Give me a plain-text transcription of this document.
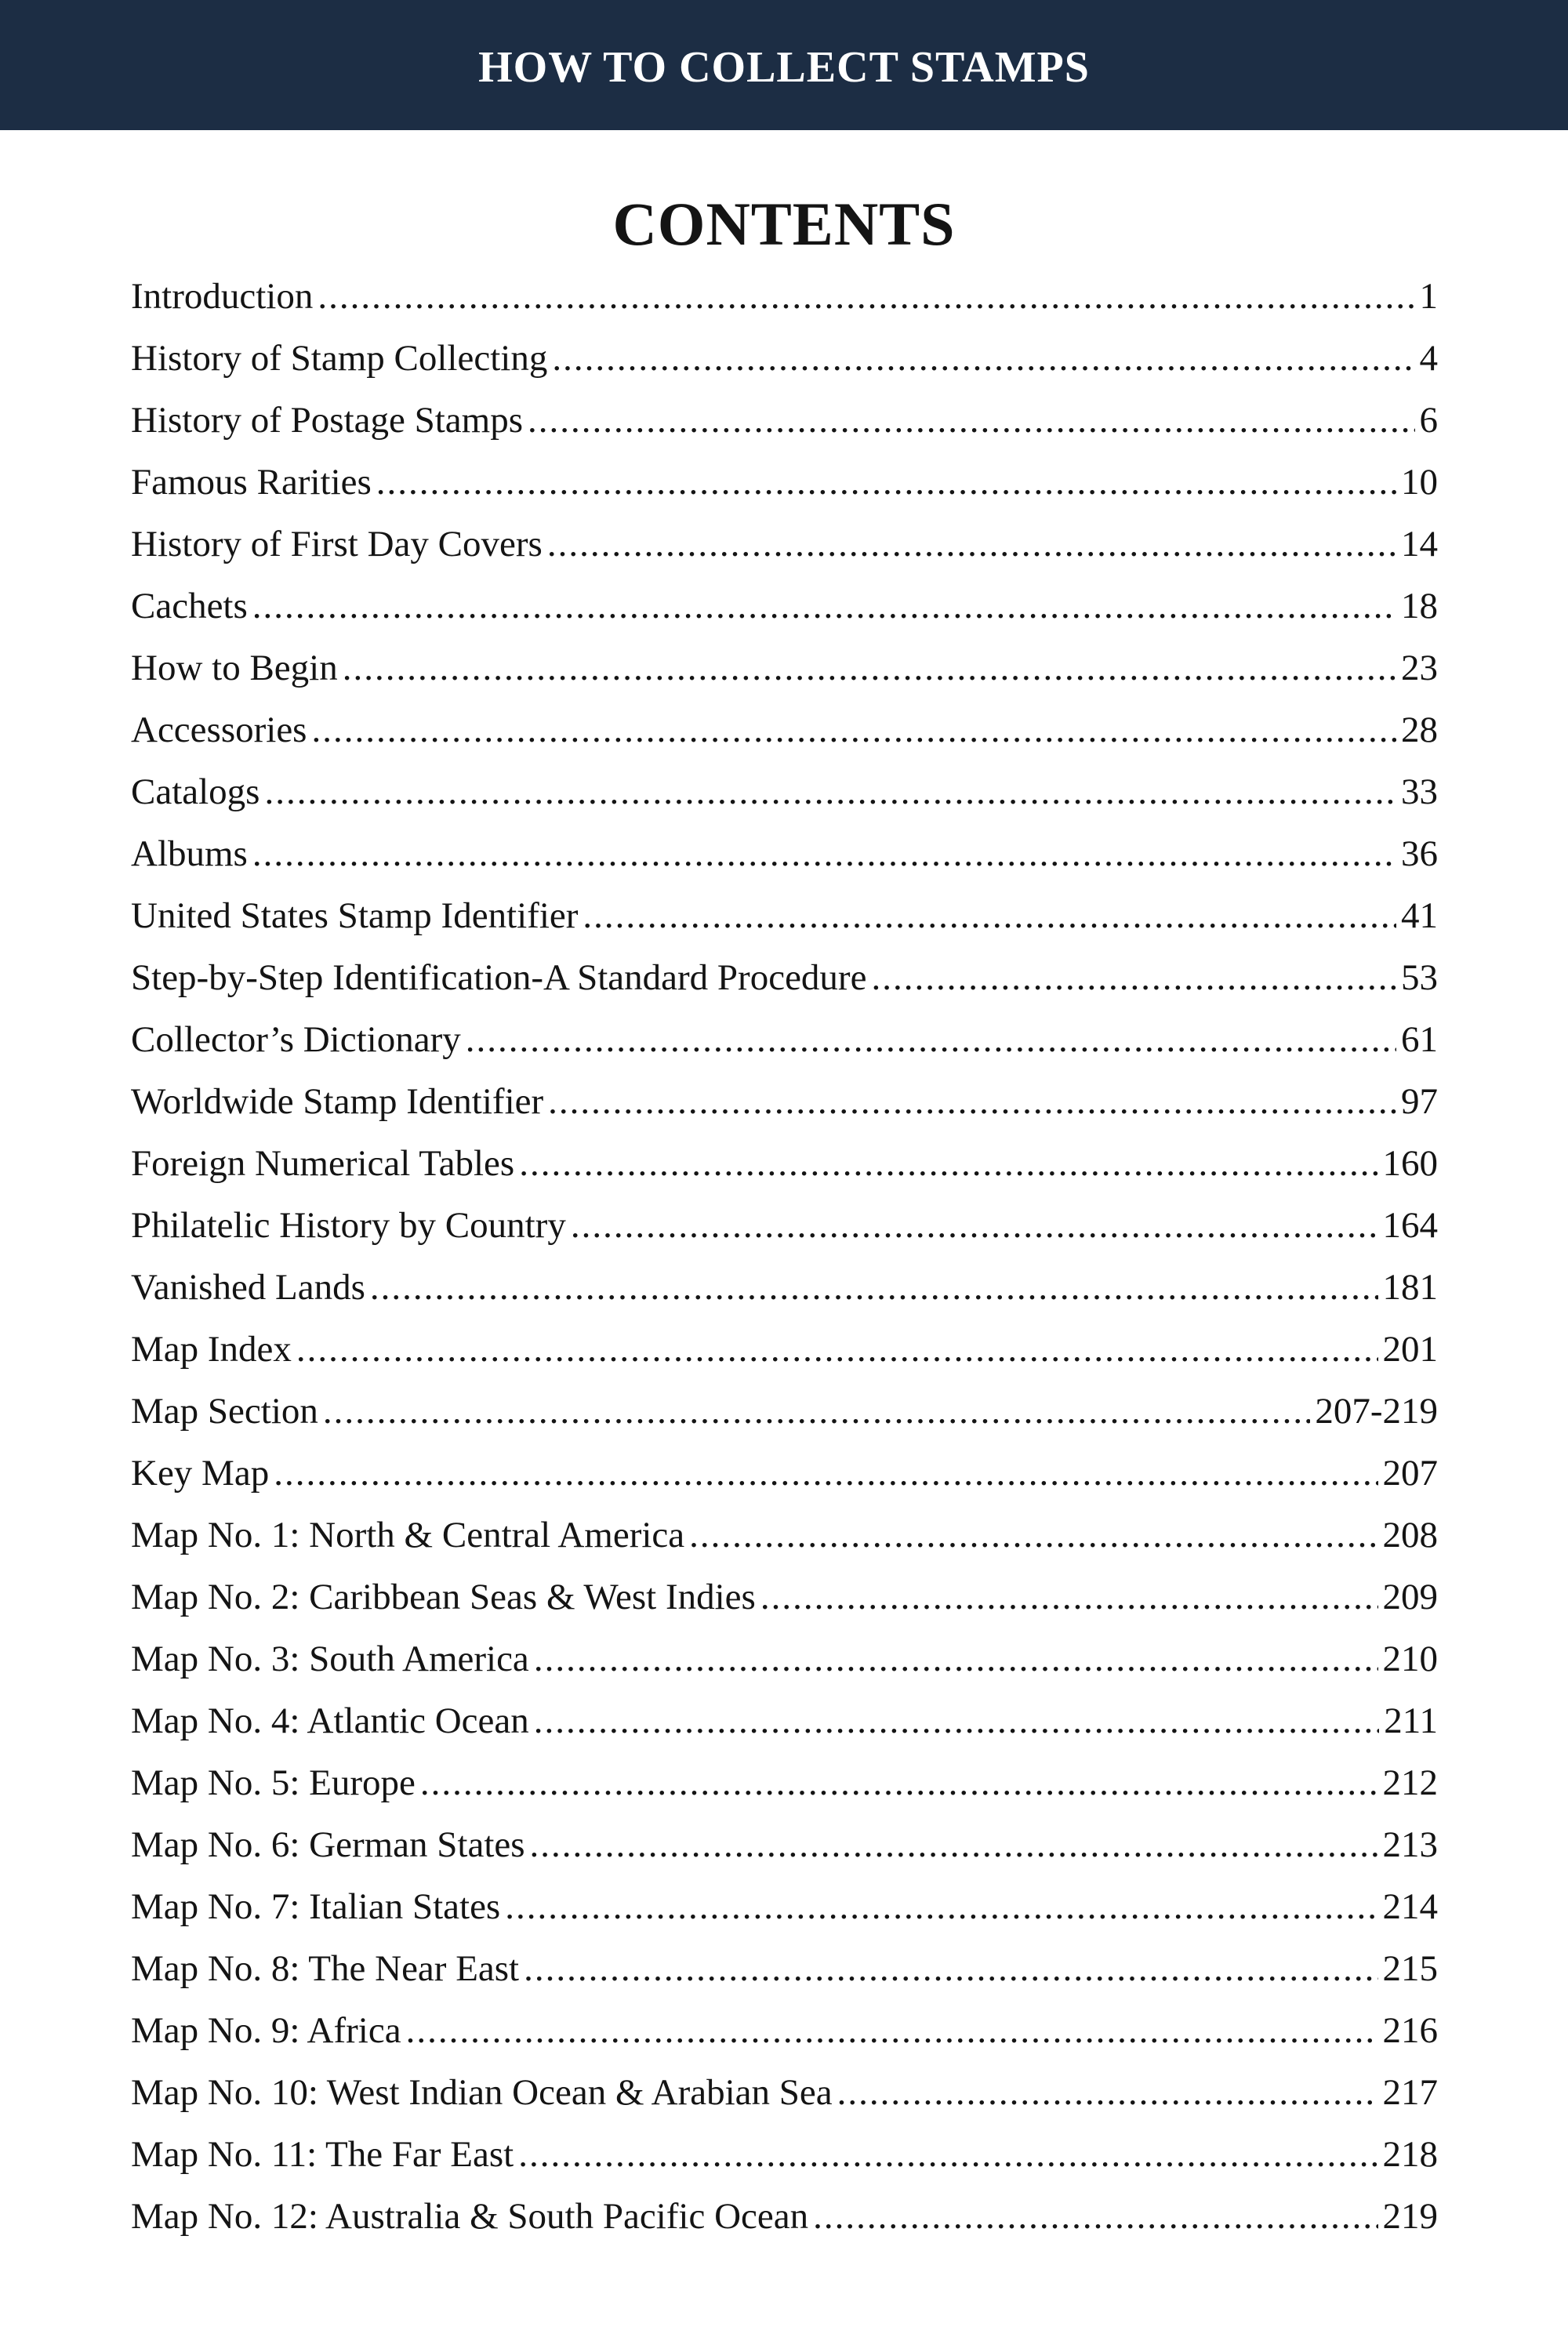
HOW TO COLLECT STAMPS
CONTENTS
Introduction .....	1
History of Stamp Collecting .....	4
History of Postage Stamps .....	6
Famous Rarities .....	10
History of First Day Covers .....	14
Cachets .....	18
How to Begin .....	23
Accessories .....	28
Catalogs .....	33
Albums .....	36
United States Stamp Identifier .....	41
Step-by-Step Identification-A Standard Procedure .....	53
Collector’s Dictionary .....	61
Worldwide Stamp Identifier .....	97
Foreign Numerical Tables .....	160
Philatelic History by Country .....	164
Vanished Lands .....	181
Map Index .....	201
Map Section .....	207-219
Key Map .....	207
Map No. 1: North & Central America .....	208
Map No. 2: Caribbean Seas & West Indies .....	209
Map No. 3: South America .....	210
Map No. 4: Atlantic Ocean .....	211
Map No. 5: Europe .....	212
Map No. 6: German States .....	213
Map No. 7: Italian States .....	214
Map No. 8: The Near East .....	215
Map No. 9: Africa .....	216
Map No. 10: West Indian Ocean & Arabian Sea .....	217
Map No. 11: The Far East .....	218
Map No. 12: Australia & South Pacific Ocean .....	219
